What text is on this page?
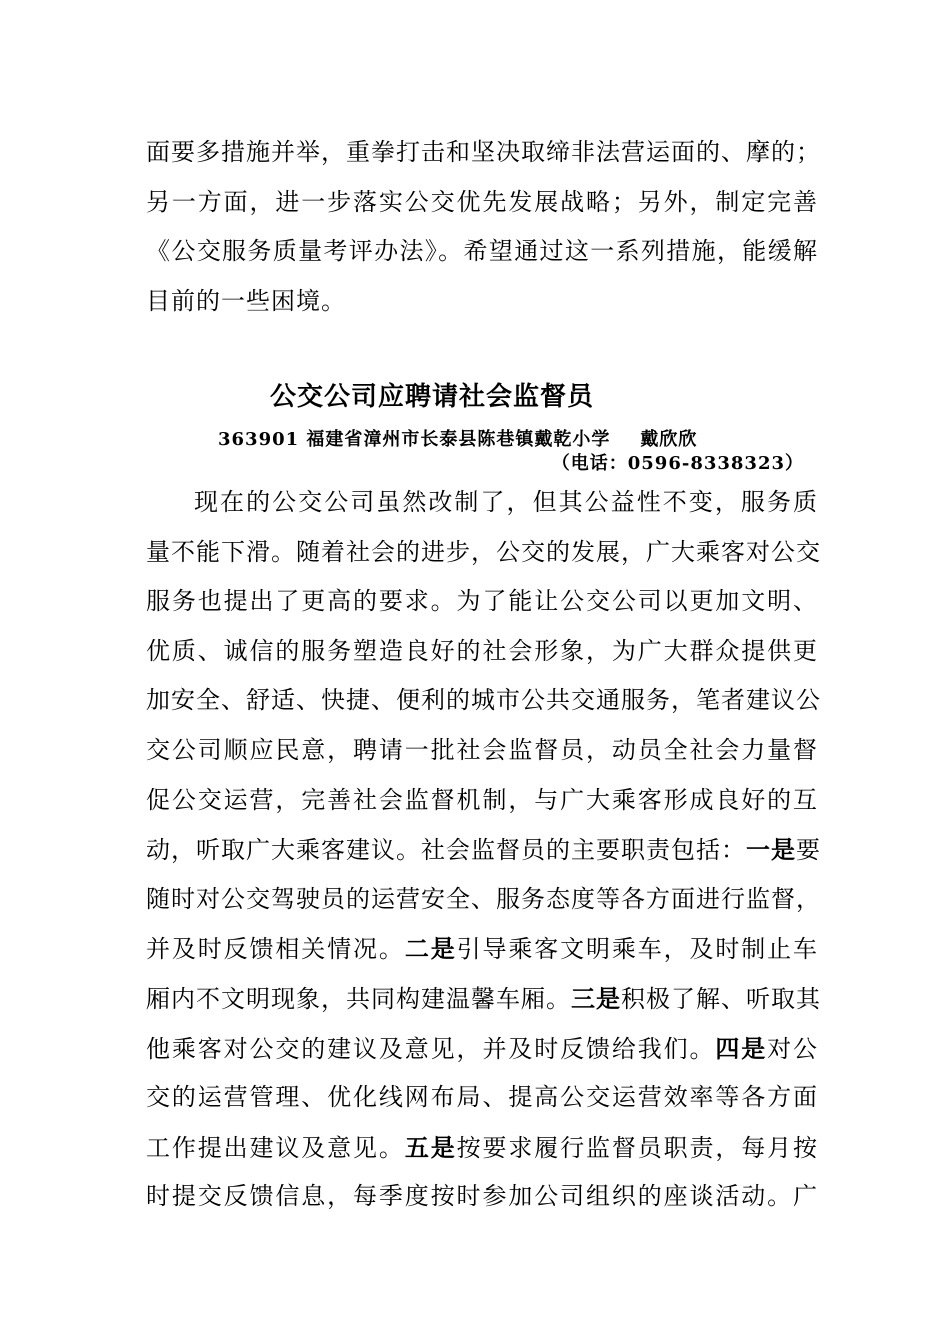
面要多措施并举，重拳打击和坚决取缔非法营运面的、摩的；
另一方面，进一步落实公交优先发展战略；另外，制定完善
《公交服务质量考评办法》。希望通过这一系列措施，能缓解
目前的一些困境。
公交公司应聘请社会监督员
363901 福建省漳州市长泰县陈巷镇戴乾小学 戴欣欣
（电话：0596-8338323）
现在的公交公司虽然改制了，但其公益性不变，服务质
量不能下滑。随着社会的进步，公交的发展，广大乘客对公交
服务也提出了更高的要求。为了能让公交公司以更加文明、
优质、诚信的服务塑造良好的社会形象，为广大群众提供更
加安全、舒适、快捷、便利的城市公共交通服务，笔者建议公
交公司顺应民意，聘请一批社会监督员，动员全社会力量督
促公交运营，完善社会监督机制，与广大乘客形成良好的互
动，听取广大乘客建议。社会监督员的主要职责包括：一是要
随时对公交驾驶员的运营安全、服务态度等各方面进行监督，
并及时反馈相关情况。二是引导乘客文明乘车，及时制止车
厢内不文明现象，共同构建温馨车厢。三是积极了解、听取其
他乘客对公交的建议及意见，并及时反馈给我们。四是对公
交的运营管理、优化线网布局、提高公交运营效率等各方面
工作提出建议及意见。五是按要求履行监督员职责，每月按
时提交反馈信息，每季度按时参加公司组织的座谈活动。广
